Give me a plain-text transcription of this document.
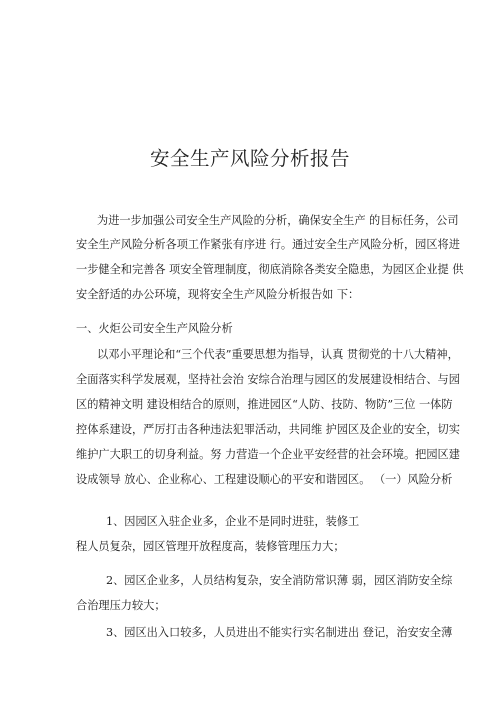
安全生产风险分析报告
为进一步加强公司安全生产风险的分析，确保安全生产 的目标任务，公司
安全生产风险分析各项工作紧张有序进 行。通过安全生产风险分析，园区将进
一步健全和完善各 项安全管理制度，彻底消除各类安全隐患，为园区企业提 供
安全舒适的办公环境，现将安全生产风险分析报告如 下：
一、火炬公司安全生产风险分析
以邓小平理论和“三个代表”重要思想为指导，认真 贯彻党的十八大精神，
全面落实科学发展观，坚持社会治 安综合治理与园区的发展建设相结合、与园
区的精神文明 建设相结合的原则，推进园区“人防、技防、物防”三位 一体防
控体系建设，严厉打击各种违法犯罪活动，共同维 护园区及企业的安全，切实
维护广大职工的切身利益。努 力营造一个企业平安经营的社会环境。把园区建
设成领导 放心、企业称心、工程建设顺心的平安和谐园区。 （一）风险分析
1、因园区入驻企业多，企业不是同时进驻，装修工
程人员复杂，园区管理开放程度高，装修管理压力大；
2、园区企业多，人员结构复杂，安全消防常识薄 弱，园区消防安全综
合治理压力较大；
3、园区出入口较多，人员进出不能实行实名制进出 登记，治安安全薄
